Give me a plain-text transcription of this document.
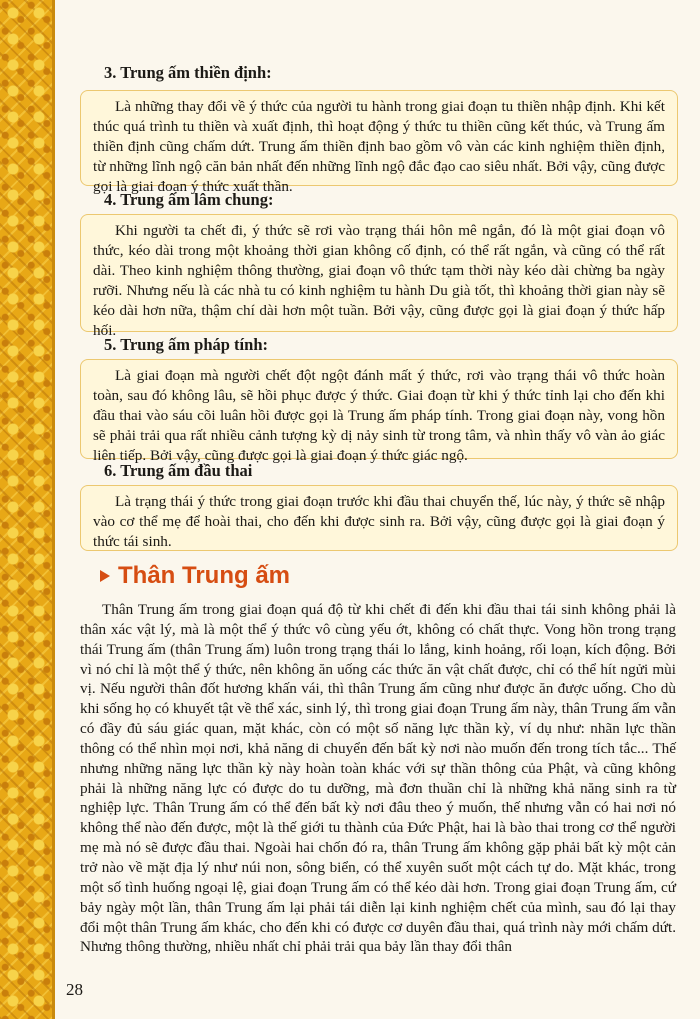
3. Trung ấm thiền định:

Là những thay đổi về ý thức của người tu hành trong giai đoạn tu thiền nhập định. Khi kết thúc quá trình tu thiền và xuất định, thì hoạt động ý thức tu thiền cũng kết thúc, và Trung ấm thiền định cũng chấm dứt. Trung ấm thiền định bao gồm vô vàn các kinh nghiệm thiền định, từ những lĩnh ngộ căn bản nhất đến những lĩnh ngộ đắc đạo cao siêu nhất. Bởi vậy, cũng được gọi là giai đoạn ý thức xuất thần.

4. Trung ấm lâm chung:

Khi người ta chết đi, ý thức sẽ rơi vào trạng thái hôn mê ngắn, đó là một giai đoạn vô thức, kéo dài trong một khoảng thời gian không cố định, có thể rất ngắn, và cũng có thể rất dài. Theo kinh nghiệm thông thường, giai đoạn vô thức tạm thời này kéo dài chừng ba ngày rưỡi. Nhưng nếu là các nhà tu có kinh nghiệm tu hành Du già tốt, thì khoảng thời gian này sẽ kéo dài hơn nữa, thậm chí dài hơn một tuần. Bởi vậy, cũng được gọi là giai đoạn ý thức hấp hối.

5. Trung ấm pháp tính:

Là giai đoạn mà người chết đột ngột đánh mất ý thức, rơi vào trạng thái vô thức hoàn toàn, sau đó không lâu, sẽ hồi phục được ý thức. Giai đoạn từ khi ý thức tỉnh lại cho đến khi đầu thai vào sáu cõi luân hồi được gọi là Trung ấm pháp tính. Trong giai đoạn này, vong hồn sẽ phải trải qua rất nhiều cảnh tượng kỳ dị nảy sinh từ trong tâm, và nhìn thấy vô vàn ảo giác liên tiếp. Bởi vậy, cũng được gọi là giai đoạn ý thức giác ngộ.

6. Trung ấm đầu thai

Là trạng thái ý thức trong giai đoạn trước khi đầu thai chuyển thế, lúc này, ý thức sẽ nhập vào cơ thể mẹ để hoài thai, cho đến khi được sinh ra. Bởi vậy, cũng được gọi là giai đoạn ý thức tái sinh.

Thân Trung ấm

Thân Trung ấm trong giai đoạn quá độ từ khi chết đi đến khi đầu thai tái sinh không phải là thân xác vật lý, mà là một thể ý thức vô cùng yếu ớt, không có chất thực. Vong hồn trong trạng thái Trung ấm (thân Trung ấm) luôn trong trạng thái lo lắng, kinh hoảng, rối loạn, kích động. Bởi vì nó chỉ là một thể ý thức, nên không ăn uống các thức ăn vật chất được, chỉ có thể hít ngửi mùi vị. Nếu người thân đốt hương khấn vái, thì thân Trung ấm cũng như được ăn được uống. Cho dù khi sống họ có khuyết tật về thể xác, sinh lý, thì trong giai đoạn Trung ấm này, thân Trung ấm vẫn có đầy đủ sáu giác quan, mặt khác, còn có một số năng lực thần kỳ, ví dụ như: nhãn lực thần thông có thể nhìn mọi nơi, khả năng di chuyển đến bất kỳ nơi nào muốn đến trong tích tắc... Thế nhưng những năng lực thần kỳ này hoàn toàn khác với sự thần thông của Phật, và cũng không phải là những năng lực có được do tu dưỡng, mà đơn thuần chỉ là những khả năng sinh ra từ nghiệp lực. Thân Trung ấm có thể đến bất kỳ nơi đâu theo ý muốn, thế nhưng vẫn có hai nơi nó không thể nào đến được, một là thế giới tu thành của Đức Phật, hai là bào thai trong cơ thể người mẹ mà nó sẽ được đầu thai. Ngoài hai chốn đó ra, thân Trung ấm không gặp phải bất kỳ một cản trở nào về mặt địa lý như núi non, sông biển, có thể xuyên suốt một cách tự do. Mặt khác, trong một số tình huống ngoại lệ, giai đoạn Trung ấm có thể kéo dài hơn. Trong giai đoạn Trung ấm, cứ bảy ngày một lần, thân Trung ấm lại phải tái diễn lại kinh nghiệm chết của mình, sau đó lại thay đổi một thân Trung ấm khác, cho đến khi có được cơ duyên đầu thai, quá trình này mới chấm dứt. Nhưng thông thường, nhiều nhất chỉ phải trải qua bảy lần thay đổi thân

28
